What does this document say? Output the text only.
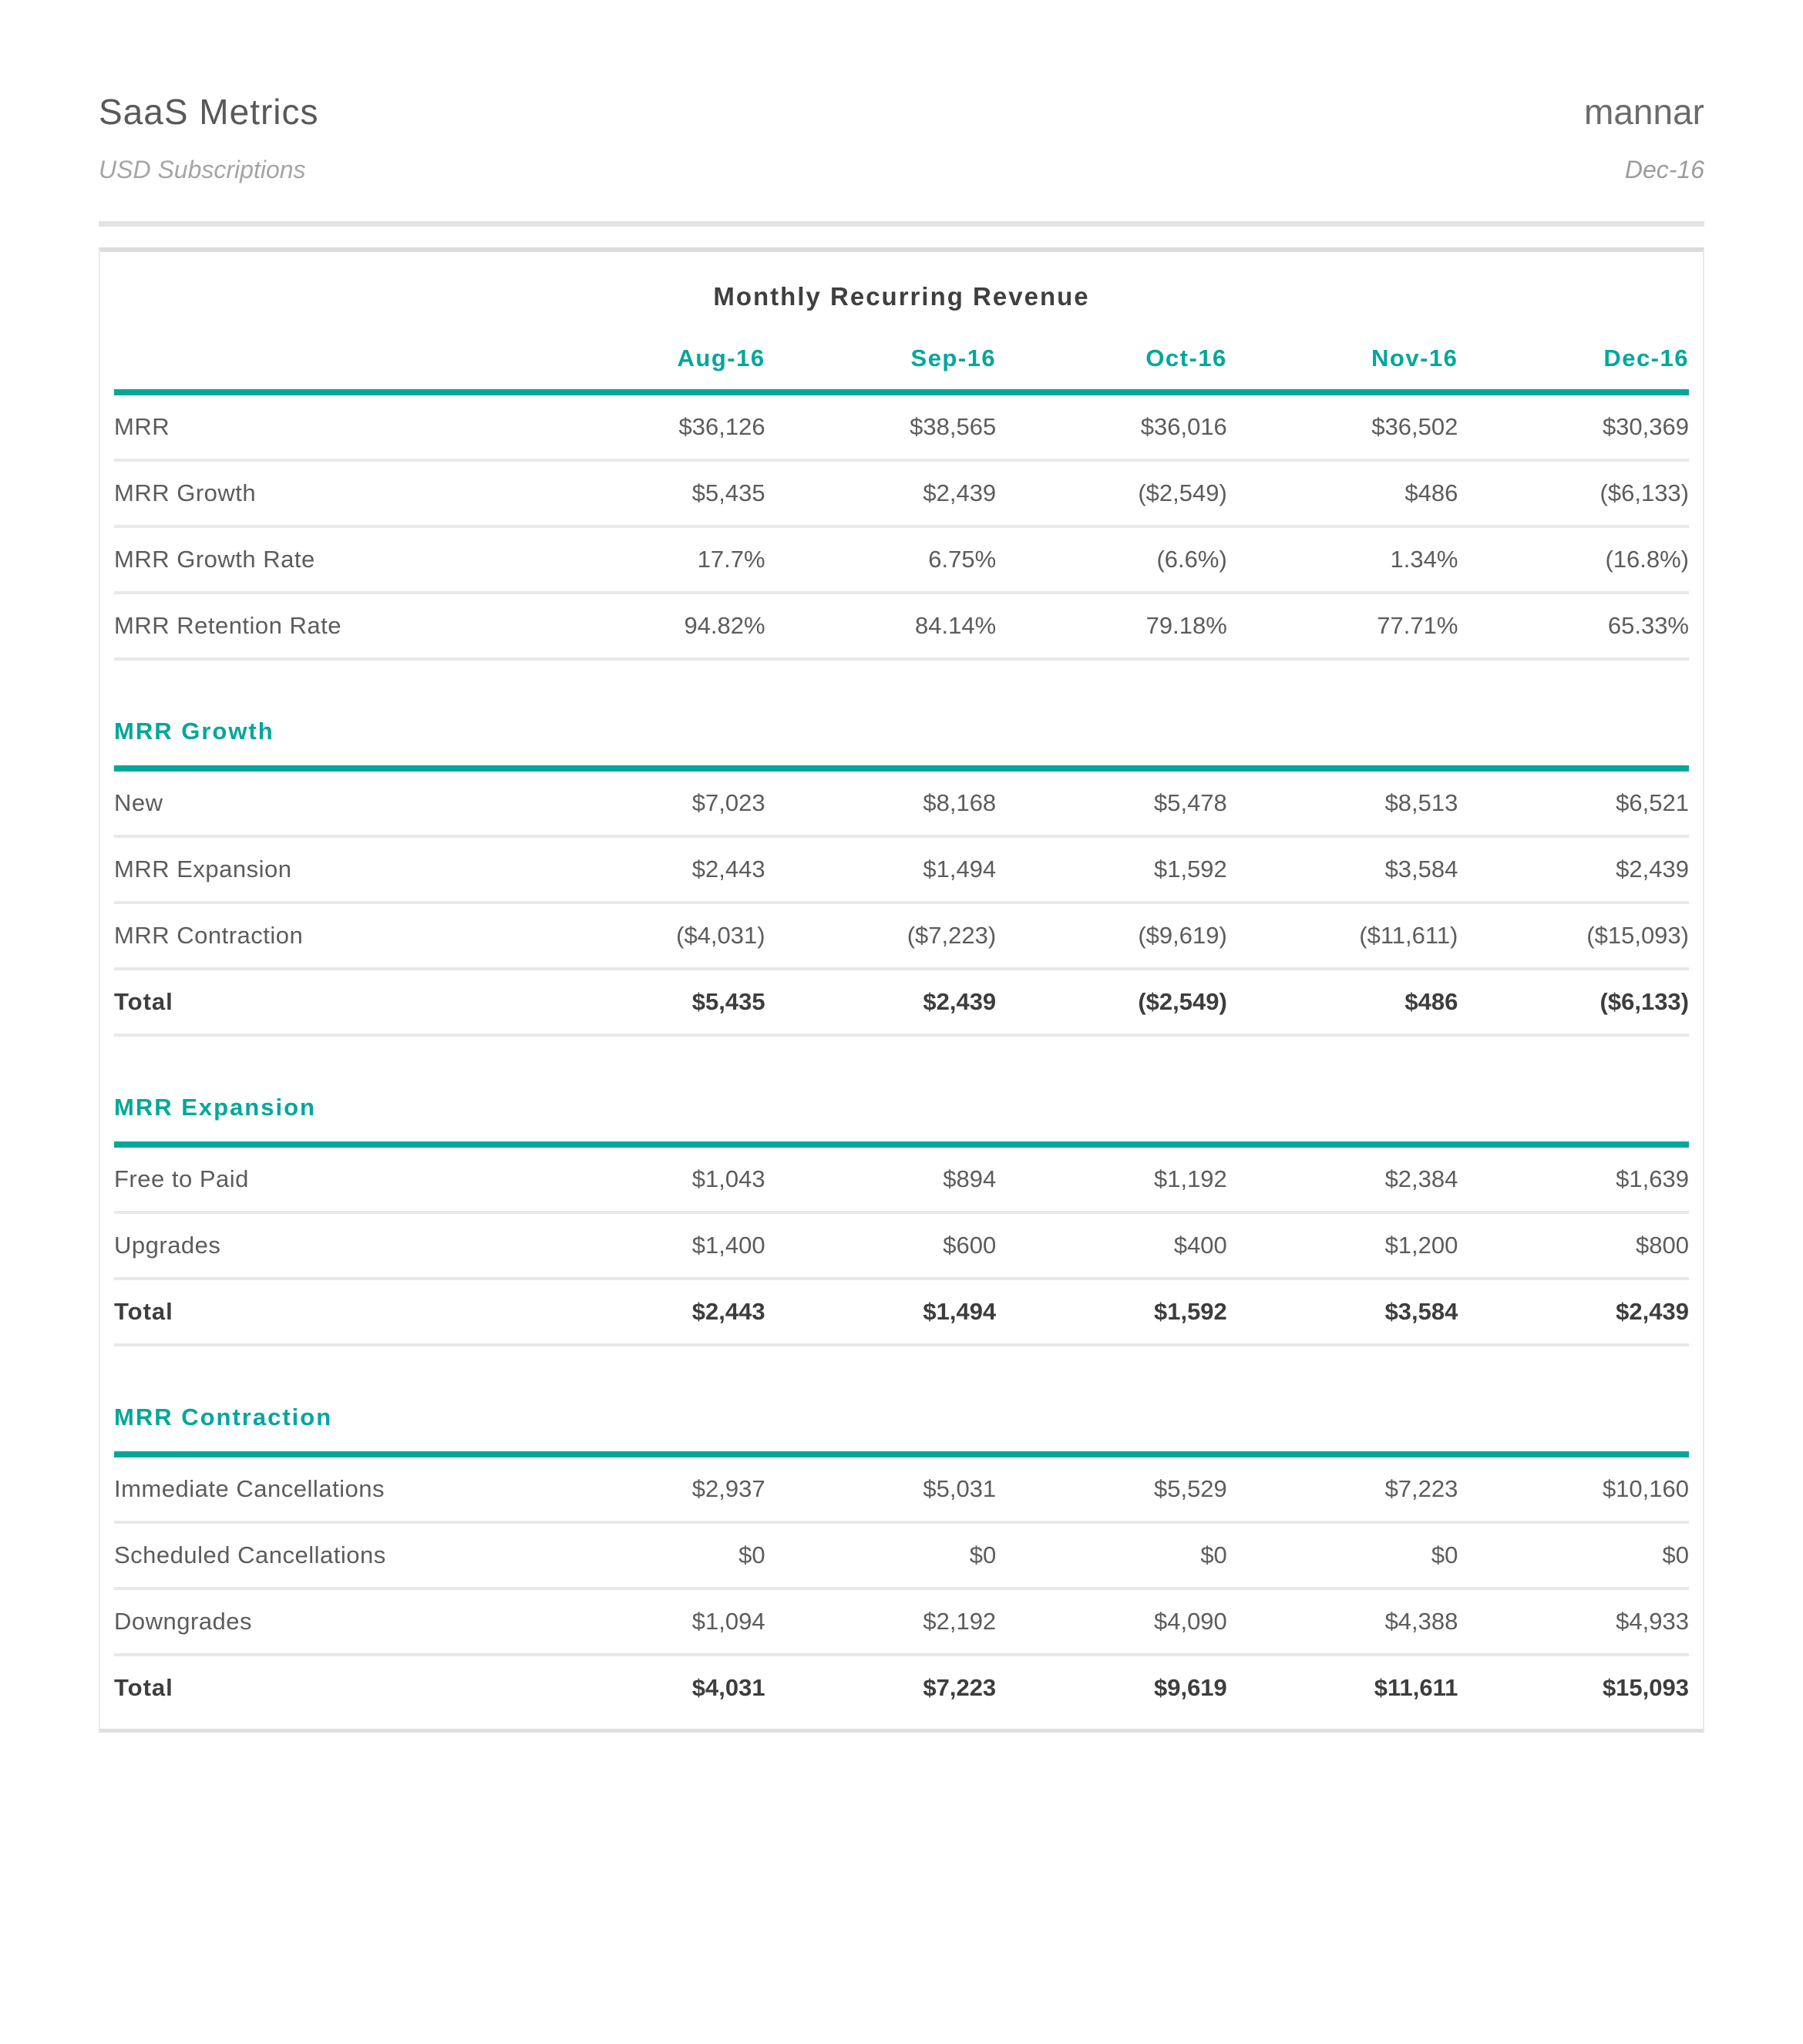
SaaS Metrics	mannar
USD Subscriptions	Dec-16
Monthly Recurring Revenue
Aug-16	Sep-16	Oct-16	Nov-16	Dec-16
MRR	$36,126	$38,565	$36,016	$36,502	$30,369
MRR Growth	$5,435	$2,439	($2,549)	$486	($6,133)
MRR Growth Rate	17.7%	6.75%	(6.6%)	1.34%	(16.8%)
MRR Retention Rate	94.82%	84.14%	79.18%	77.71%	65.33%
MRR Growth
New	$7,023	$8,168	$5,478	$8,513	$6,521
MRR Expansion	$2,443	$1,494	$1,592	$3,584	$2,439
MRR Contraction	($4,031)	($7,223)	($9,619)	($11,611)	($15,093)
Total	$5,435	$2,439	($2,549)	$486	($6,133)
MRR Expansion
Free to Paid	$1,043	$894	$1,192	$2,384	$1,639
Upgrades	$1,400	$600	$400	$1,200	$800
Total	$2,443	$1,494	$1,592	$3,584	$2,439
MRR Contraction
Immediate Cancellations	$2,937	$5,031	$5,529	$7,223	$10,160
Scheduled Cancellations	$0	$0	$0	$0	$0
Downgrades	$1,094	$2,192	$4,090	$4,388	$4,933
Total	$4,031	$7,223	$9,619	$11,611	$15,093
